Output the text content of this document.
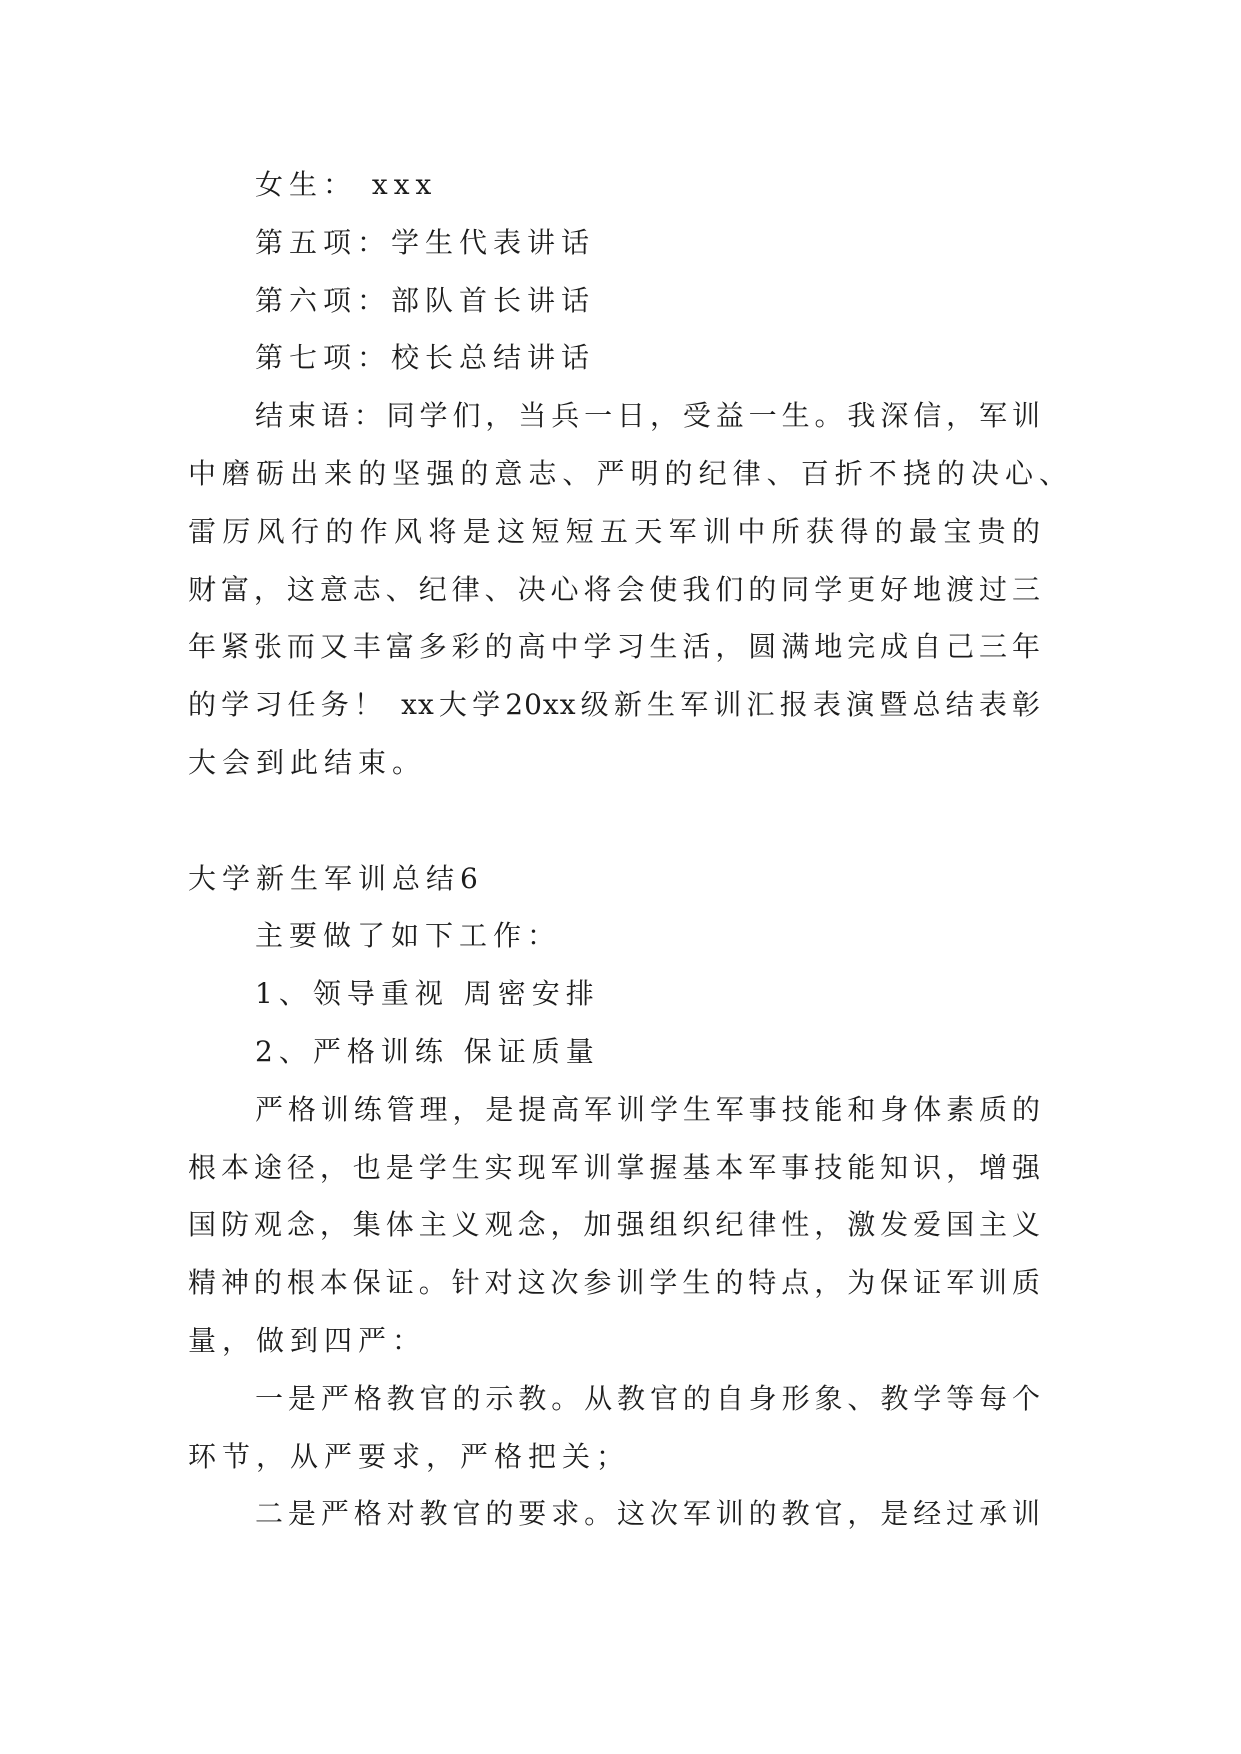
女生： xxx
第五项：学生代表讲话
第六项：部队首长讲话
第七项：校长总结讲话
结束语：同学们，当兵一日，受益一生。我深信，军训
中磨砺出来的坚强的意志、严明的纪律、百折不挠的决心、
雷厉风行的作风将是这短短五天军训中所获得的最宝贵的
财富，这意志、纪律、决心将会使我们的同学更好地渡过三
年紧张而又丰富多彩的高中学习生活，圆满地完成自己三年
的学习任务！ xx大学20xx级新生军训汇报表演暨总结表彰
大会到此结束。
大学新生军训总结6
主要做了如下工作：
1、领导重视 周密安排
2、严格训练 保证质量
严格训练管理，是提高军训学生军事技能和身体素质的
根本途径，也是学生实现军训掌握基本军事技能知识，增强
国防观念，集体主义观念，加强组织纪律性，激发爱国主义
精神的根本保证。针对这次参训学生的特点，为保证军训质
量，做到四严：
一是严格教官的示教。从教官的自身形象、教学等每个
环节，从严要求，严格把关；
二是严格对教官的要求。这次军训的教官，是经过承训
